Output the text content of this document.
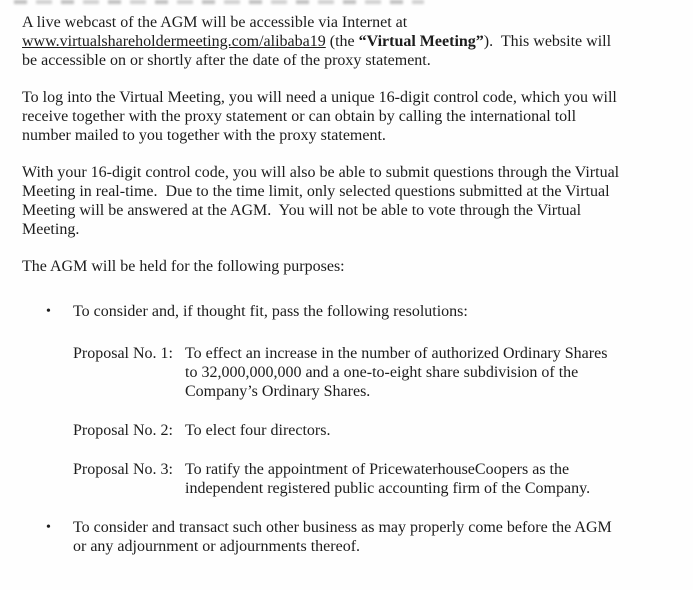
A live webcast of the AGM will be accessible via Internet at
www.virtualshareholdermeeting.com/alibaba19 (the “Virtual Meeting”).  This website will
be accessible on or shortly after the date of the proxy statement.
To log into the Virtual Meeting, you will need a unique 16-digit control code, which you will
receive together with the proxy statement or can obtain by calling the international toll
number mailed to you together with the proxy statement.
With your 16-digit control code, you will also be able to submit questions through the Virtual
Meeting in real-time.  Due to the time limit, only selected questions submitted at the Virtual
Meeting will be answered at the AGM.  You will not be able to vote through the Virtual
Meeting.
The AGM will be held for the following purposes:
•	To consider and, if thought fit, pass the following resolutions:
Proposal No. 1: To effect an increase in the number of authorized Ordinary Shares
to 32,000,000,000 and a one-to-eight share subdivision of the
Company’s Ordinary Shares.
Proposal No. 2: To elect four directors.
Proposal No. 3: To ratify the appointment of PricewaterhouseCoopers as the
independent registered public accounting firm of the Company.
•	To consider and transact such other business as may properly come before the AGM
or any adjournment or adjournments thereof.
